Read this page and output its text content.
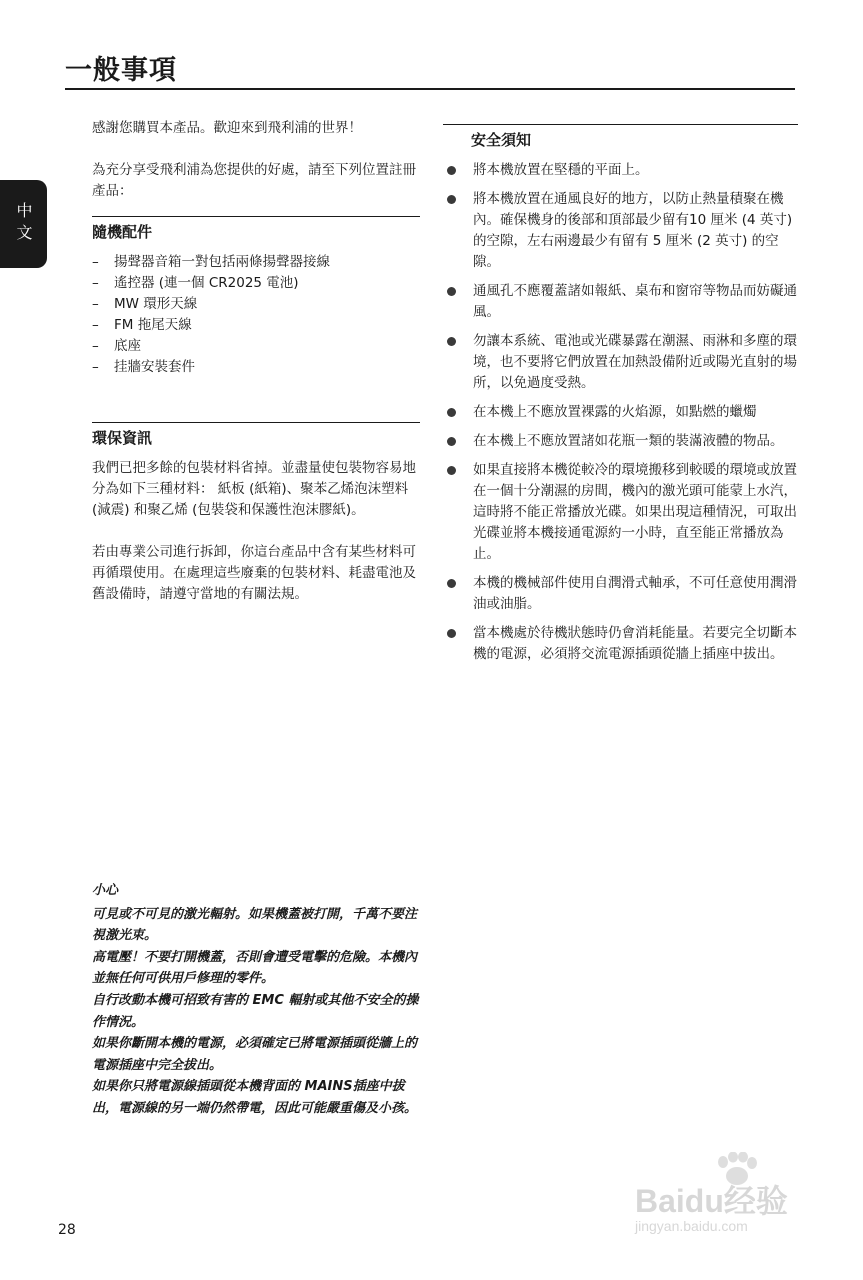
一般事項
中文

感謝您購買本產品。歡迎來到飛利浦的世界！

為充分享受飛利浦為您提供的好處，請至下列位置註冊產品：

隨機配件
– 揚聲器音箱一對包括兩條揚聲器接線
– 遙控器 (連一個 CR2025 電池)
– MW 環形天線
– FM 拖尾天線
– 底座
– 挂牆安裝套件
環保資訊

我們已把多餘的包裝材料省掉。並盡量使包裝物容易地分為如下三種材料： 紙板 (紙箱)、聚苯乙烯泡沫塑料 (減震) 和聚乙烯 (包裝袋和保護性泡沫膠紙)。

若由專業公司進行拆卸，你這台產品中含有某些材料可再循環使用。在處理這些廢棄的包裝材料、耗盡電池及舊設備時，請遵守當地的有關法規。

安全須知
將本機放置在堅穩的平面上。
將本機放置在通風良好的地方，以防止熱量積聚在機內。確保機身的後部和頂部最少留有10 厘米 (4 英寸) 的空隙，左右兩邊最少有留有 5 厘米 (2 英寸) 的空隙。
通風孔不應覆蓋諸如報紙、桌布和窗帘等物品而妨礙通風。
勿讓本系統、電池或光碟暴露在潮濕、雨淋和多塵的環境，也不要將它們放置在加熱設備附近或陽光直射的場所，以免過度受熱。
在本機上不應放置裸露的火焰源，如點燃的蠟燭
在本機上不應放置諸如花瓶一類的裝滿液體的物品。
如果直接將本機從較冷的環境搬移到較暖的環境或放置在一個十分潮濕的房間，機內的激光頭可能蒙上水汽，這時將不能正常播放光碟。如果出現這種情況，可取出光碟並將本機接通電源約一小時，直至能正常播放為止。
本機的機械部件使用自潤滑式軸承，不可任意使用潤滑油或油脂。
當本機處於待機狀態時仍會消耗能量。若要完全切斷本機的電源，必須將交流電源插頭從牆上插座中拔出。

小心

可見或不可見的激光輻射。如果機蓋被打開，千萬不要注視激光束。

高電壓！不要打開機蓋，否則會遭受電擊的危險。本機內並無任何可供用戶修理的零件。

自行改動本機可招致有害的 EMC 輻射或其他不安全的操作情況。

如果你斷開本機的電源，必須確定已將電源插頭從牆上的電源插座中完全拔出。

如果你只將電源線插頭從本機背面的 MAINS插座中拔出，電源線的另一端仍然帶電，因此可能嚴重傷及小孩。

28
Baidu经验
jingyan.baidu.com
